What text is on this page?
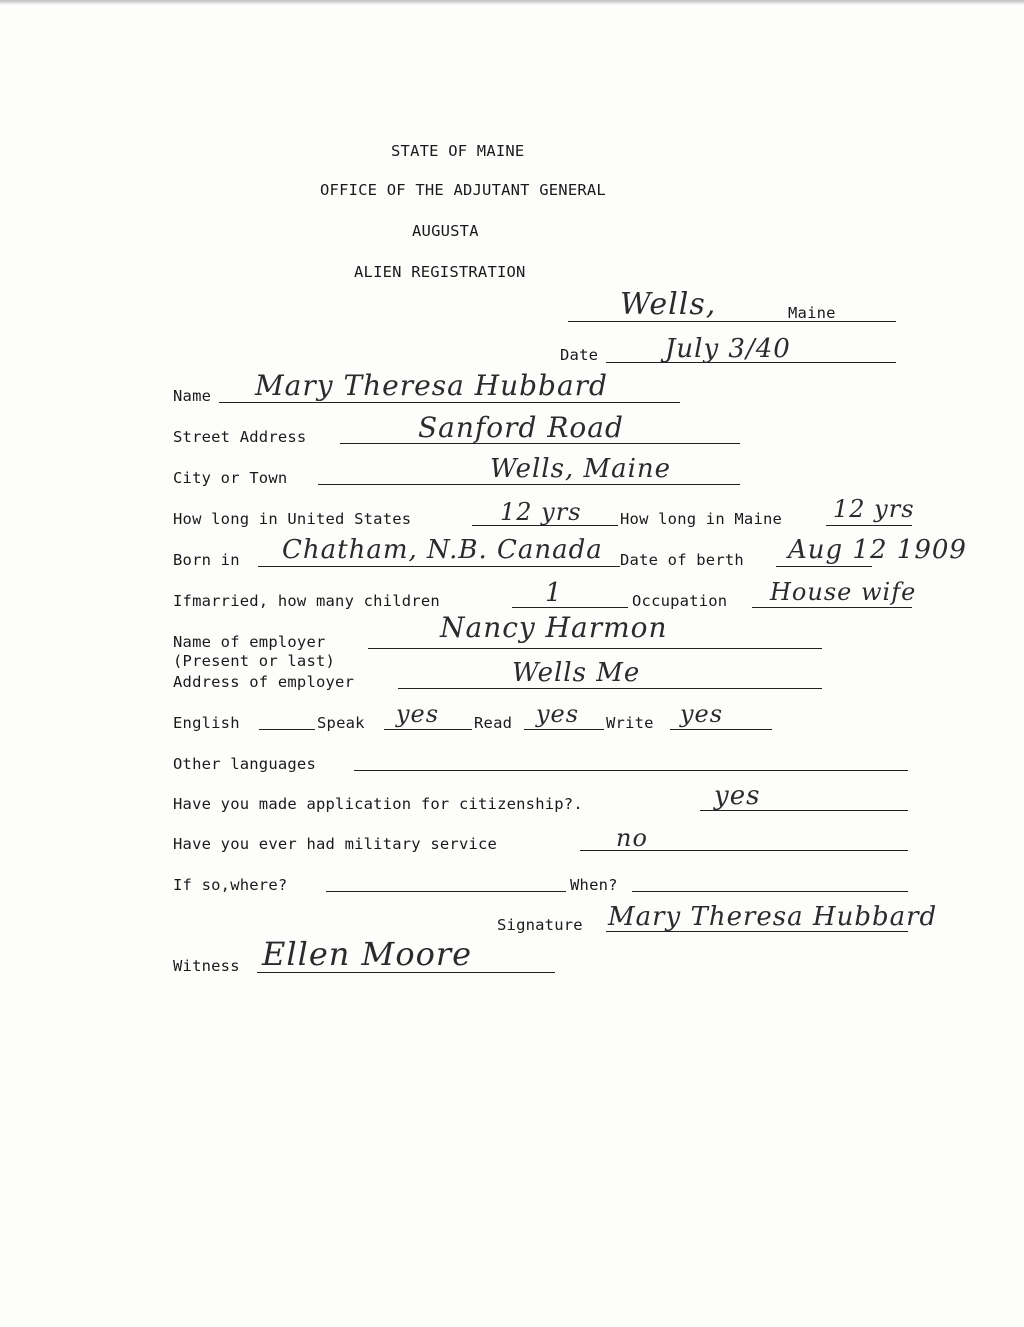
STATE OF MAINE
OFFICE OF THE ADJUTANT GENERAL
AUGUSTA
ALIEN REGISTRATION
Wells,	Maine
Date	July 3/40
Name Mary Theresa Hubbard
Street Address	Sanford Road
City or Town	Wells, Maine
How long in United States	12 yrs How long in Maine 12 yrs
Born in Chatham, N.B. Canada Date of berth Aug 12 1909
Ifmarried, how many children	1	Occupation House wife
Name of employer	Nancy Harmon
(Present or last)
Address of employer	Wells Me
English	Speak yes Read yes Write yes
Other languages
Have you made application for citizenship?.	yes
Have you ever had military service	no
If so,where?	When?
Signature Mary Theresa Hubbard
Witness Ellen Moore
